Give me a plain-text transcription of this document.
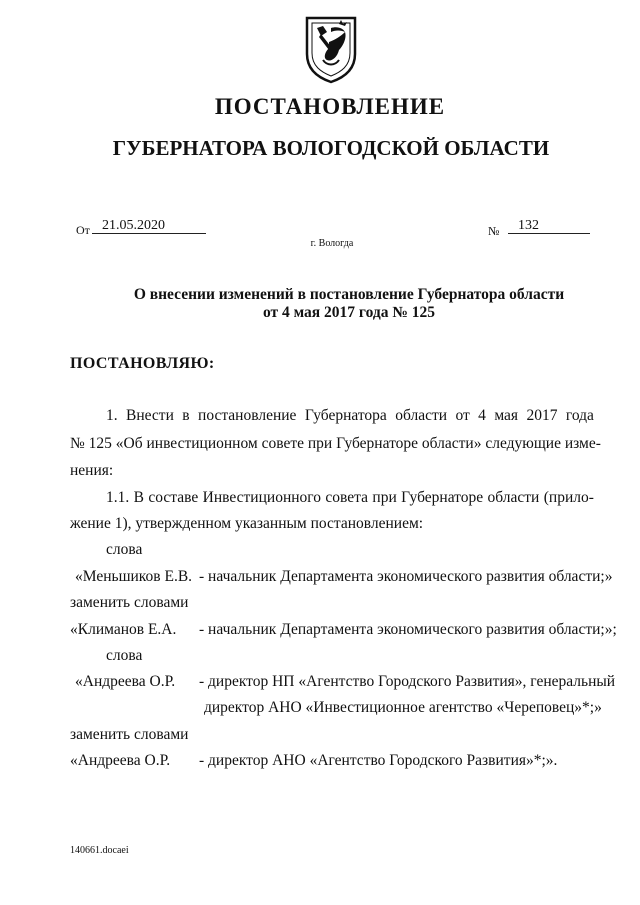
ПОСТАНОВЛЕНИЕ
ГУБЕРНАТОРА ВОЛОГОДСКОЙ ОБЛАСТИ
От 21.05.2020	№ 132
г. Вологда
О внесении изменений в постановление Губернатора области
от 4 мая 2017 года № 125
ПОСТАНОВЛЯЮ:
1. Внести в постановление Губернатора области от 4 мая 2017 года
№ 125 «Об инвестиционном совете при Губернаторе области» следующие изме-
нения:
1.1. В составе Инвестиционного совета при Губернаторе области (прило-
жение 1), утвержденном указанным постановлением:
слова
«Меньшиков Е.В. - начальник Департамента экономического развития области;»
заменить словами
«Климанов Е.А. - начальник Департамента экономического развития области;»;
слова
«Андреева О.Р. - директор НП «Агентство Городского Развития», генеральный
директор АНО «Инвестиционное агентство «Череповец»*;»
заменить словами
«Андреева О.Р. - директор АНО «Агентство Городского Развития»*;».
140661.docaei
